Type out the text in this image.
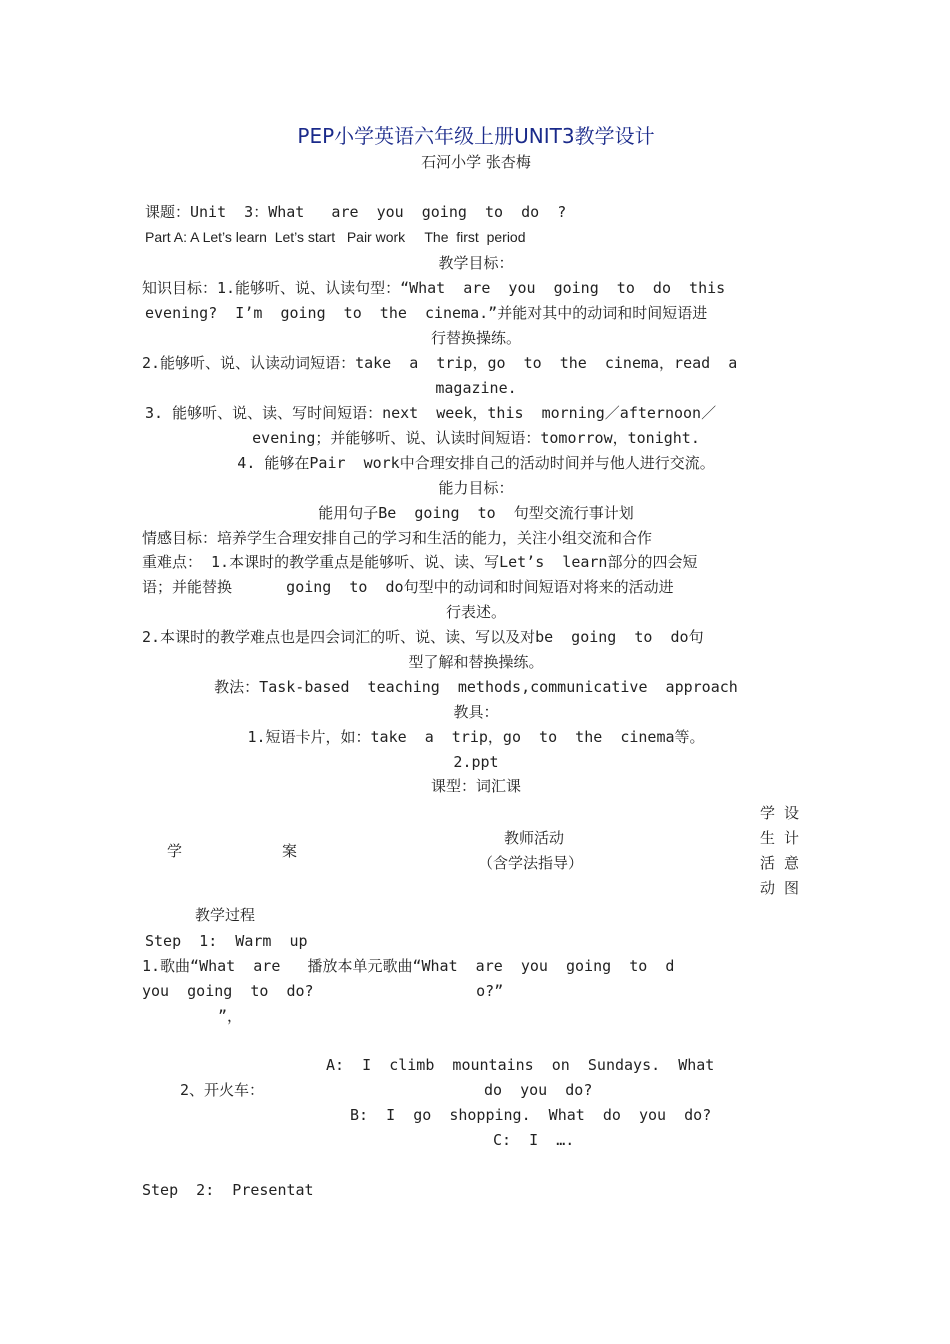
PEP小学英语六年级上册UNIT3教学设计
石河小学 张杏梅
课题：Unit  3：What   are  you  going  to  do  ?
Part A: A Let’s learn  Let’s start   Pair work     The  first  period
教学目标：
知识目标：1.能够听、说、认读句型：“What  are  you  going  to  do  this
evening?  I’m  going  to  the  cinema.”并能对其中的动词和时间短语进
行替换操练。
2.能够听、说、认读动词短语：take  a  trip，go  to  the  cinema，read  a
magazine.
3. 能够听、说、读、写时间短语：next  week，this  morning／afternoon／
evening；并能够听、说、认读时间短语：tomorrow，tonight.
4. 能够在Pair  work中合理安排自己的活动时间并与他人进行交流。
能力目标：
能用句子Be  going  to  句型交流行事计划
情感目标：培养学生合理安排自己的学习和生活的能力，关注小组交流和合作
重难点： 1.本课时的教学重点是能够听、说、读、写Let’s  learn部分的四会短
语；并能替换      going  to  do句型中的动词和时间短语对将来的活动进
行表述。
2.本课时的教学难点也是四会词汇的听、说、读、写以及对be  going  to  do句
型了解和替换操练。
教法：Task-based  teaching  methods,communicative  approach
教具：
1.短语卡片，如：take  a  trip，go  to  the  cinema等。
2.ppt
课型：词汇课
学	案
教师活动
（含学法指导）
学 设
生 计
活 意
动 图
教学过程
Step  1:  Warm  up
1.歌曲“What  are   播放本单元歌曲“What  are  you  going  to  d
you  going  to  do?                  o?”
”，
A:  I  climb  mountains  on  Sundays.  What
2、开火车：	do  you  do?
B:  I  go  shopping.  What  do  you  do?
C:  I  ….
Step  2:  Presentat
